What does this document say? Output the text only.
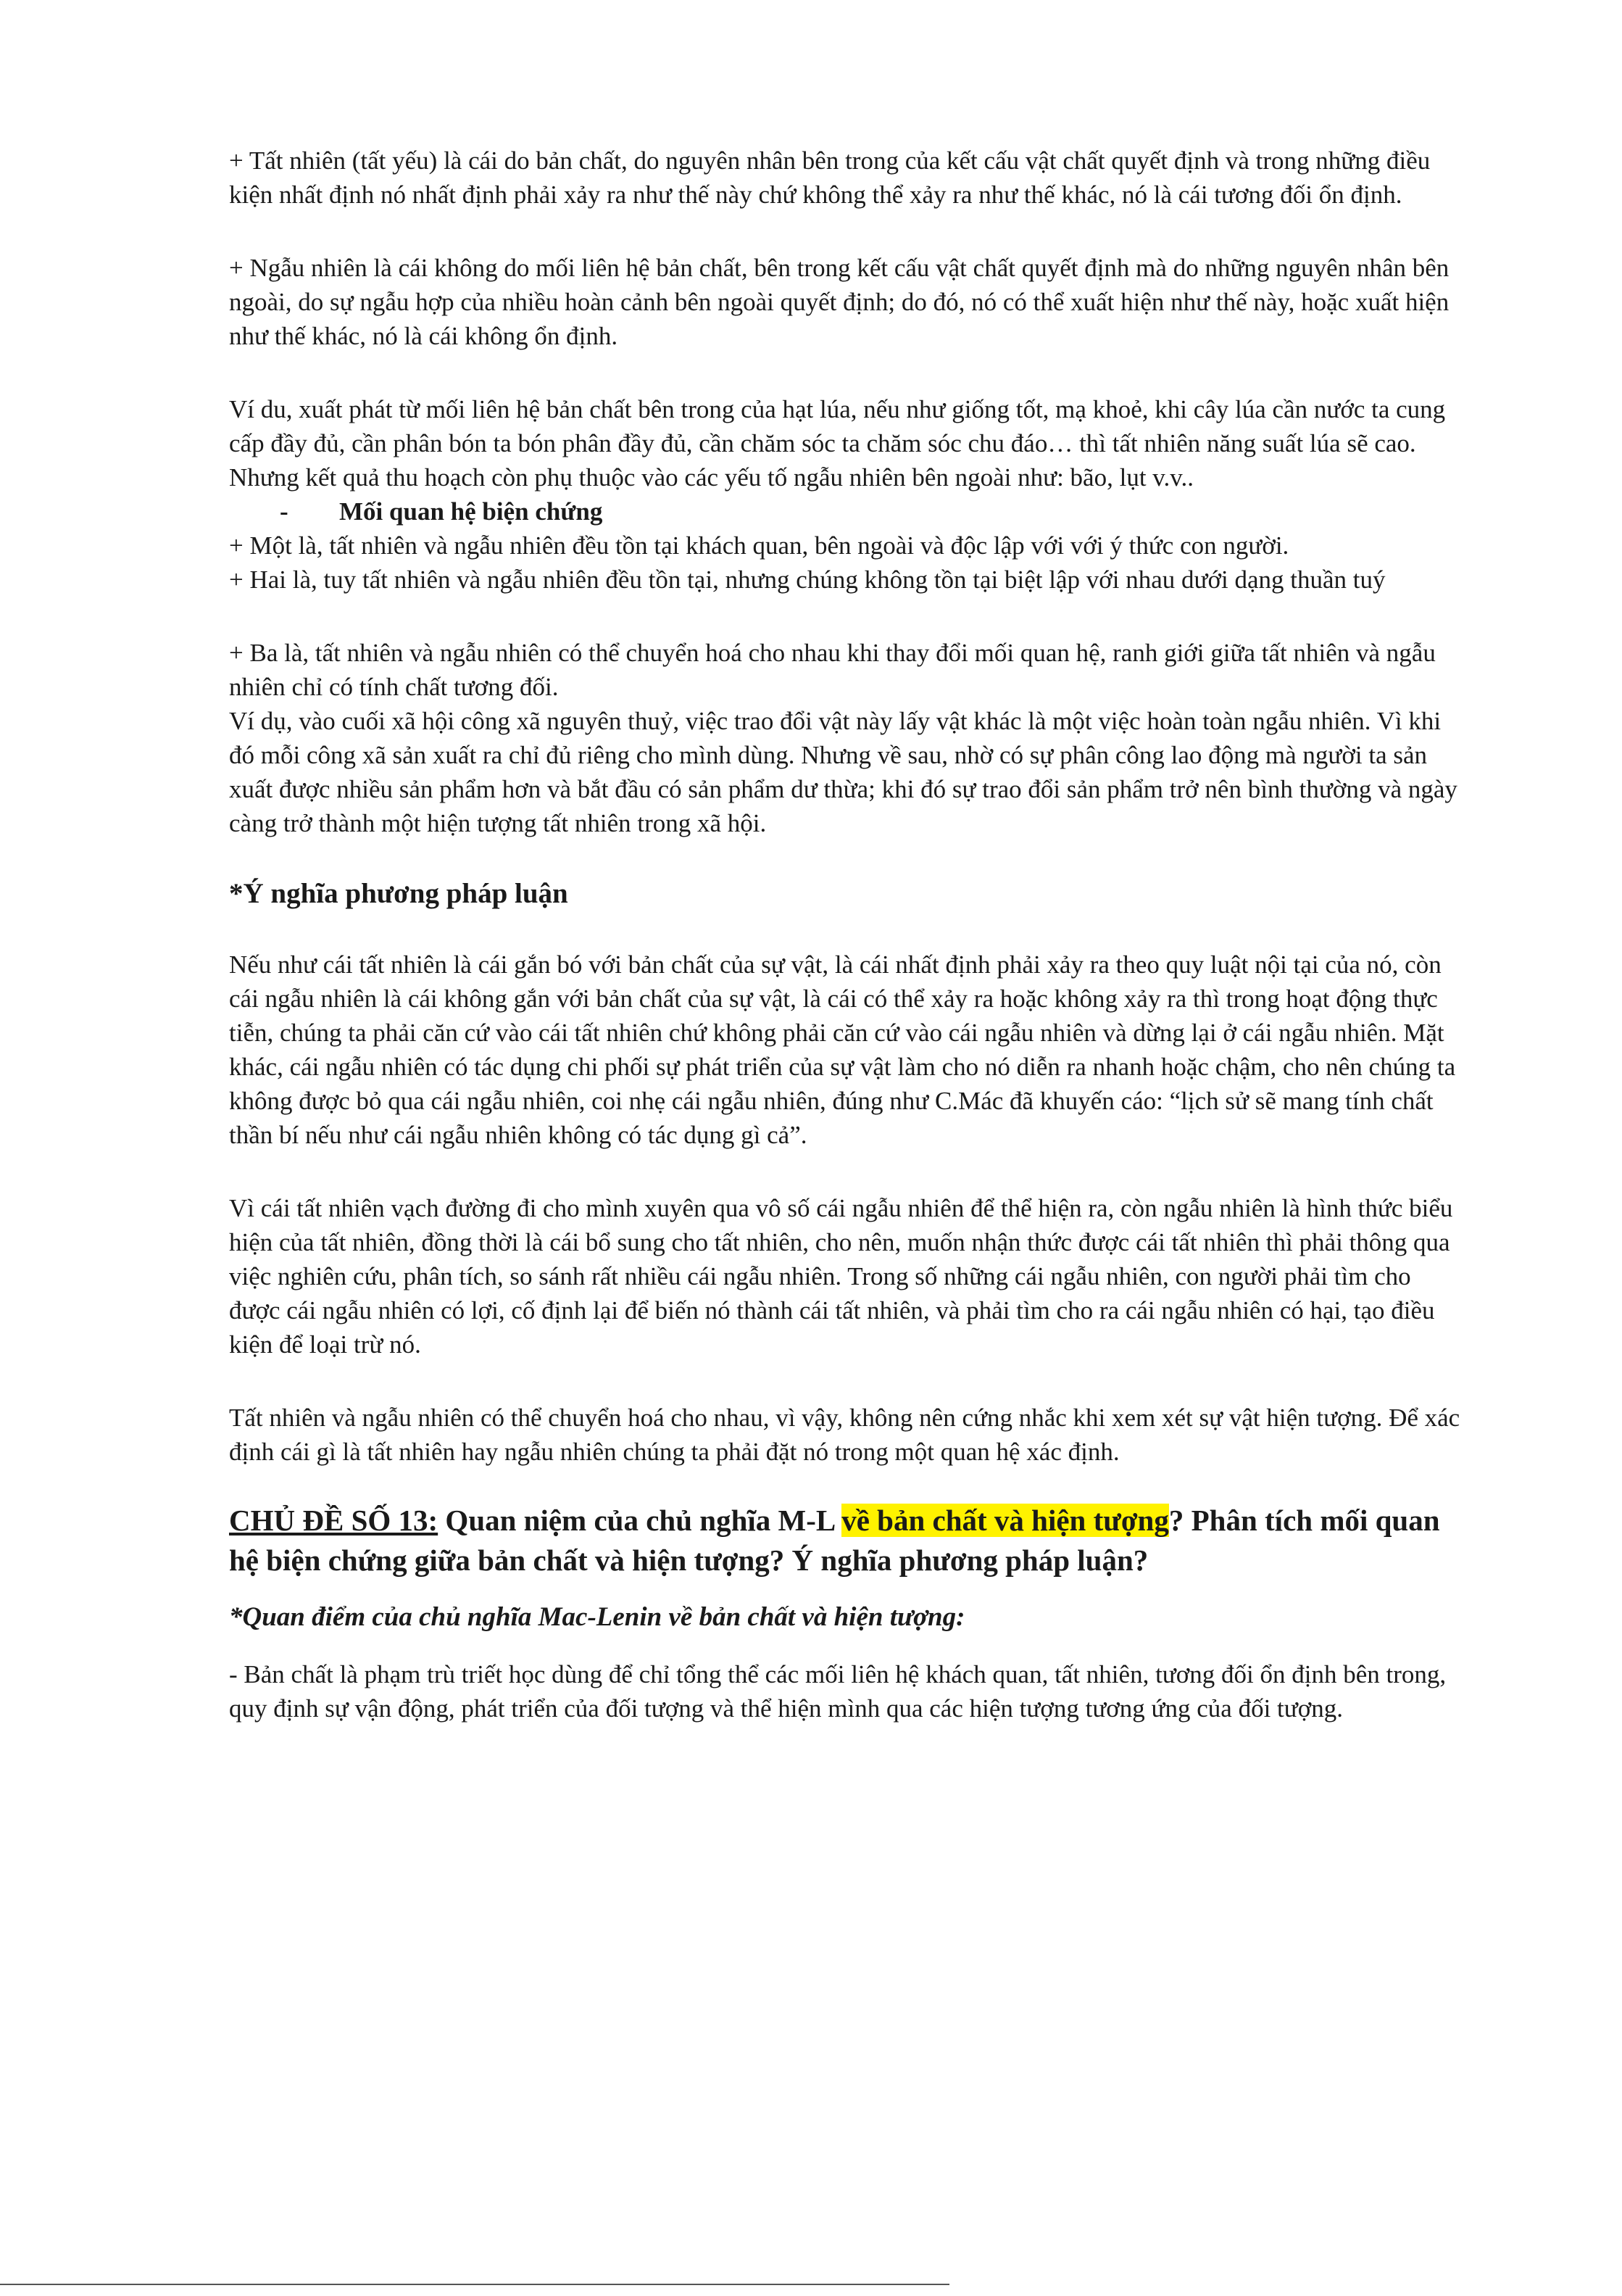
+ Tất nhiên (tất yếu) là cái do bản chất, do nguyên nhân bên trong của kết cấu vật chất quyết định và trong những điều kiện nhất định nó nhất định phải xảy ra như thế này chứ không thể xảy ra như thế khác, nó là cái tương đối ổn định.

+ Ngẫu nhiên là cái không do mối liên hệ bản chất, bên trong kết cấu vật chất quyết định mà do những nguyên nhân bên ngoài, do sự ngẫu hợp của nhiều hoàn cảnh bên ngoài quyết định; do đó, nó có thể xuất hiện như thế này, hoặc xuất hiện như thế khác, nó là cái không ổn định.

Ví du, xuất phát từ mối liên hệ bản chất bên trong của hạt lúa, nếu như giống tốt, mạ khoẻ, khi cây lúa cần nước ta cung cấp đầy đủ, cần phân bón ta bón phân đầy đủ, cần chăm sóc ta chăm sóc chu đáo… thì tất nhiên năng suất lúa sẽ cao. Nhưng kết quả thu hoạch còn phụ thuộc vào các yếu tố ngẫu nhiên bên ngoài như: bão, lụt v.v..

-	Mối quan hệ biện chứng

+ Một là, tất nhiên và ngẫu nhiên đều tồn tại khách quan, bên ngoài và độc lập với với ý thức con người.

+ Hai là, tuy tất nhiên và ngẫu nhiên đều tồn tại, nhưng chúng không tồn tại biệt lập với nhau dưới dạng thuần tuý

+ Ba là, tất nhiên và ngẫu nhiên có thể chuyển hoá cho nhau khi thay đổi mối quan hệ, ranh giới giữa tất nhiên và ngẫu nhiên chỉ có tính chất tương đối.

Ví dụ, vào cuối xã hội công xã nguyên thuỷ, việc trao đổi vật này lấy vật khác là một việc hoàn toàn ngẫu nhiên. Vì khi đó mỗi công xã sản xuất ra chỉ đủ riêng cho mình dùng. Nhưng về sau, nhờ có sự phân công lao động mà người ta sản xuất được nhiều sản phẩm hơn và bắt đầu có sản phẩm dư thừa; khi đó sự trao đổi sản phẩm trở nên bình thường và ngày càng trở thành một hiện tượng tất nhiên trong xã hội.

*Ý nghĩa phương pháp luận

Nếu như cái tất nhiên là cái gắn bó với bản chất của sự vật, là cái nhất định phải xảy ra theo quy luật nội tại của nó, còn cái ngẫu nhiên là cái không gắn với bản chất của sự vật, là cái có thể xảy ra hoặc không xảy ra thì trong hoạt động thực tiễn, chúng ta phải căn cứ vào cái tất nhiên chứ không phải căn cứ vào cái ngẫu nhiên và dừng lại ở cái ngẫu nhiên. Mặt khác, cái ngẫu nhiên có tác dụng chi phối sự phát triển của sự vật làm cho nó diễn ra nhanh hoặc chậm, cho nên chúng ta không được bỏ qua cái ngẫu nhiên, coi nhẹ cái ngẫu nhiên, đúng như C.Mác đã khuyến cáo: “lịch sử sẽ mang tính chất thần bí nếu như cái ngẫu nhiên không có tác dụng gì cả”.

Vì cái tất nhiên vạch đường đi cho mình xuyên qua vô số cái ngẫu nhiên để thể hiện ra, còn ngẫu nhiên là hình thức biểu hiện của tất nhiên, đồng thời là cái bổ sung cho tất nhiên, cho nên, muốn nhận thức được cái tất nhiên thì phải thông qua việc nghiên cứu, phân tích, so sánh rất nhiều cái ngẫu nhiên. Trong số những cái ngẫu nhiên, con người phải tìm cho được cái ngẫu nhiên có lợi, cố định lại để biến nó thành cái tất nhiên, và phải tìm cho ra cái ngẫu nhiên có hại, tạo điều kiện để loại trừ nó.

Tất nhiên và ngẫu nhiên có thể chuyển hoá cho nhau, vì vậy, không nên cứng nhắc khi xem xét sự vật hiện tượng. Để xác định cái gì là tất nhiên hay ngẫu nhiên chúng ta phải đặt nó trong một quan hệ xác định.

CHỦ ĐỀ SỐ 13: Quan niệm của chủ nghĩa M-L về bản chất và hiện tượng? Phân tích mối quan hệ biện chứng giữa bản chất và hiện tượng? Ý nghĩa phương pháp luận?

*Quan điểm của chủ nghĩa Mac-Lenin về bản chất và hiện tượng:

- Bản chất là phạm trù triết học dùng để chỉ tổng thể các mối liên hệ khách quan, tất nhiên, tương đối ổn định bên trong, quy định sự vận động, phát triển của đối tượng và thể hiện mình qua các hiện tượng tương ứng của đối tượng.
